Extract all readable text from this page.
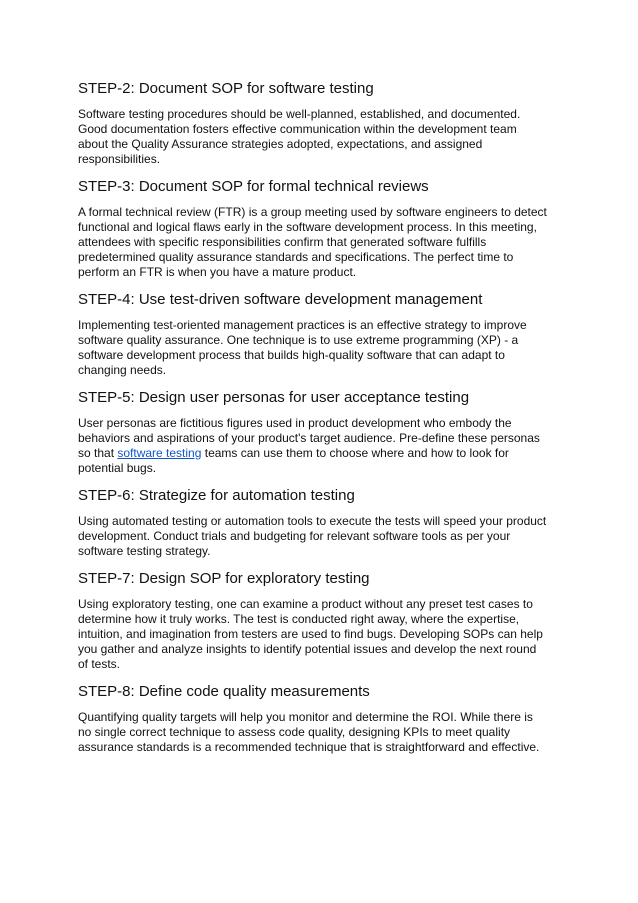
STEP-2: Document SOP for software testing

Software testing procedures should be well-planned, established, and documented.
Good documentation fosters effective communication within the development team
about the Quality Assurance strategies adopted, expectations, and assigned
responsibilities.

STEP-3: Document SOP for formal technical reviews

A formal technical review (FTR) is a group meeting used by software engineers to detect
functional and logical flaws early in the software development process. In this meeting,
attendees with specific responsibilities confirm that generated software fulfills
predetermined quality assurance standards and specifications. The perfect time to
perform an FTR is when you have a mature product.

STEP-4: Use test-driven software development management

Implementing test-oriented management practices is an effective strategy to improve
software quality assurance. One technique is to use extreme programming (XP) - a
software development process that builds high-quality software that can adapt to
changing needs.

STEP-5: Design user personas for user acceptance testing

User personas are fictitious figures used in product development who embody the
behaviors and aspirations of your product's target audience. Pre-define these personas
so that software testing teams can use them to choose where and how to look for
potential bugs.

STEP-6: Strategize for automation testing

Using automated testing or automation tools to execute the tests will speed your product
development. Conduct trials and budgeting for relevant software tools as per your
software testing strategy.

STEP-7: Design SOP for exploratory testing

Using exploratory testing, one can examine a product without any preset test cases to
determine how it truly works. The test is conducted right away, where the expertise,
intuition, and imagination from testers are used to find bugs. Developing SOPs can help
you gather and analyze insights to identify potential issues and develop the next round
of tests.

STEP-8: Define code quality measurements

Quantifying quality targets will help you monitor and determine the ROI. While there is
no single correct technique to assess code quality, designing KPIs to meet quality
assurance standards is a recommended technique that is straightforward and effective.
